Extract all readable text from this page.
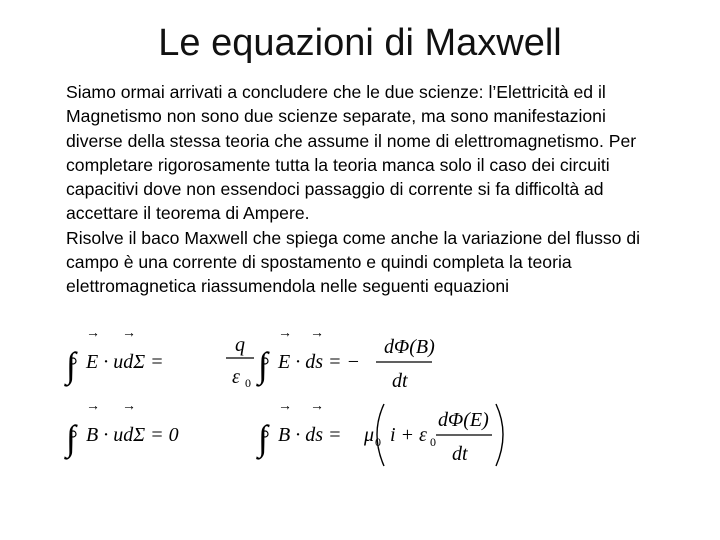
Le equazioni di Maxwell

Siamo ormai arrivati a concludere che le due scienze: l’Elettricità ed il Magnetismo non sono due scienze separate, ma sono manifestazioni diverse della stessa teoria che assume il nome di elettromagnetismo. Per completare rigorosamente tutta la teoria manca solo il caso dei circuiti capacitivi dove non essendoci passaggio di corrente si fa difficoltà ad accettare il teorema di Ampere.

Risolve il baco Maxwell che spiega come anche la variazione del flusso di campo è una corrente di spostamento e quindi completa la teoria elettromagnetica riassumendola nelle seguenti equazioni

∫
→
E · udΣ =
→
q
ε 0 ∫
→
E · ds = −
→
dΦ(B)
dt
∫
→
B · udΣ = 0
→
∫
→
B · ds =
→
μ 0 i + ε 0
dΦ(E)
dt
